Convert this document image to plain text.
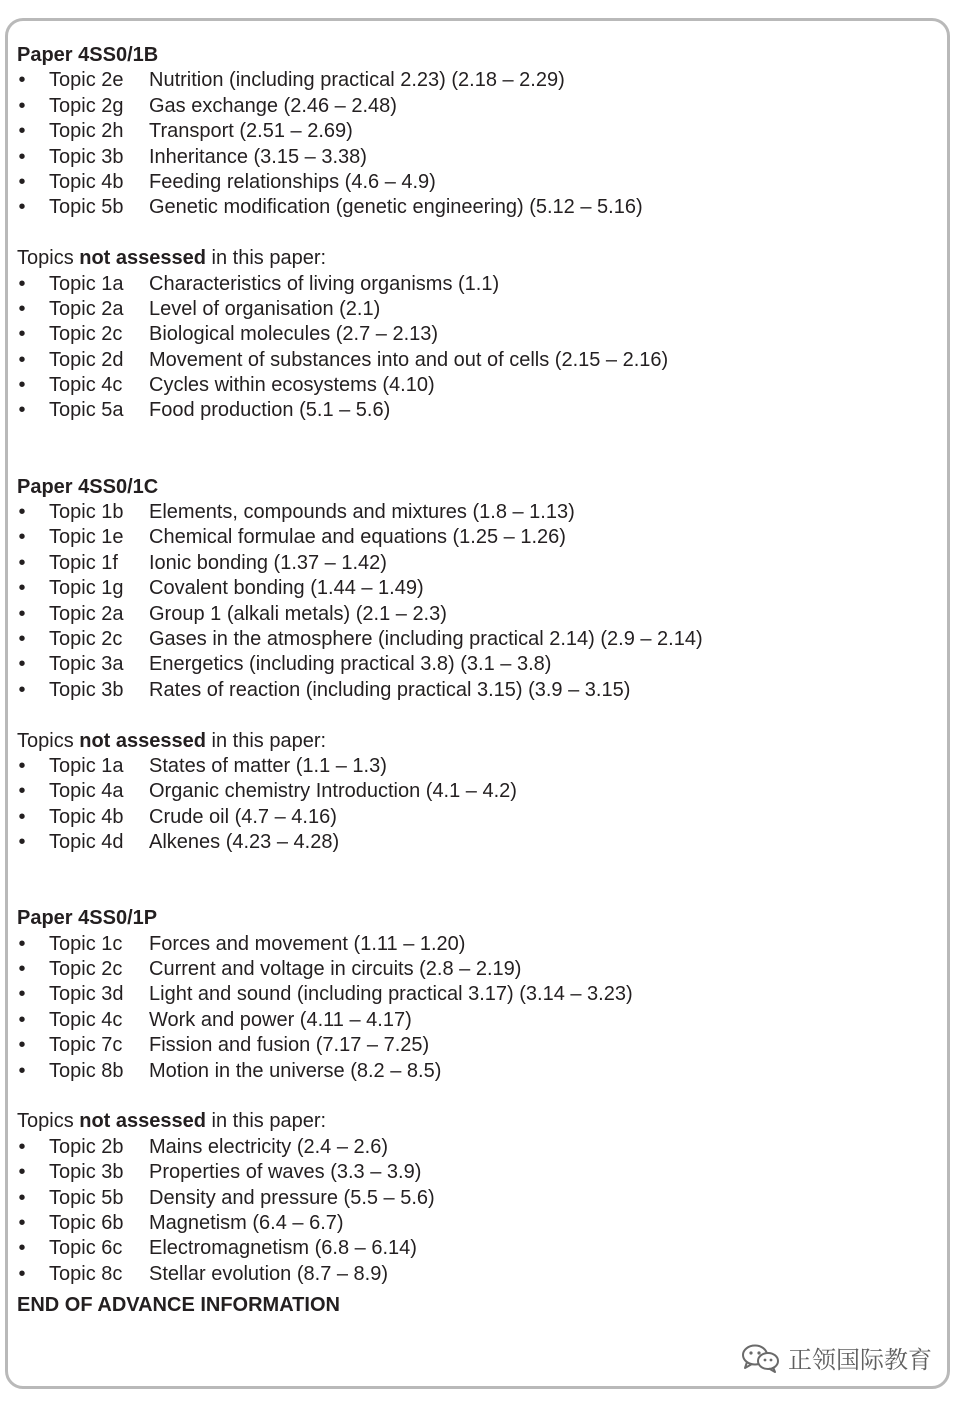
Paper 4SS0/1B
• Topic 2e Nutrition (including practical 2.23) (2.18 – 2.29)
• Topic 2g Gas exchange (2.46 – 2.48)
• Topic 2h Transport (2.51 – 2.69)
• Topic 3b Inheritance (3.15 – 3.38)
• Topic 4b Feeding relationships (4.6 – 4.9)
• Topic 5b Genetic modification (genetic engineering) (5.12 – 5.16)
Topics not assessed in this paper:
• Topic 1a Characteristics of living organisms (1.1)
• Topic 2a Level of organisation (2.1)
• Topic 2c Biological molecules (2.7 – 2.13)
• Topic 2d Movement of substances into and out of cells (2.15 – 2.16)
• Topic 4c Cycles within ecosystems (4.10)
• Topic 5a Food production (5.1 – 5.6)
Paper 4SS0/1C
• Topic 1b Elements, compounds and mixtures (1.8 – 1.13)
• Topic 1e Chemical formulae and equations (1.25 – 1.26)
• Topic 1f Ionic bonding (1.37 – 1.42)
• Topic 1g Covalent bonding (1.44 – 1.49)
• Topic 2a Group 1 (alkali metals) (2.1 – 2.3)
• Topic 2c Gases in the atmosphere (including practical 2.14) (2.9 – 2.14)
• Topic 3a Energetics (including practical 3.8) (3.1 – 3.8)
• Topic 3b Rates of reaction (including practical 3.15) (3.9 – 3.15)
Topics not assessed in this paper:
• Topic 1a States of matter (1.1 – 1.3)
• Topic 4a Organic chemistry Introduction (4.1 – 4.2)
• Topic 4b Crude oil (4.7 – 4.16)
• Topic 4d Alkenes (4.23 – 4.28)
Paper 4SS0/1P
• Topic 1c Forces and movement (1.11 – 1.20)
• Topic 2c Current and voltage in circuits (2.8 – 2.19)
• Topic 3d Light and sound (including practical 3.17) (3.14 – 3.23)
• Topic 4c Work and power (4.11 – 4.17)
• Topic 7c Fission and fusion (7.17 – 7.25)
• Topic 8b Motion in the universe (8.2 – 8.5)
Topics not assessed in this paper:
• Topic 2b Mains electricity (2.4 – 2.6)
• Topic 3b Properties of waves (3.3 – 3.9)
• Topic 5b Density and pressure (5.5 – 5.6)
• Topic 6b Magnetism (6.4 – 6.7)
• Topic 6c Electromagnetism (6.8 – 6.14)
• Topic 8c Stellar evolution (8.7 – 8.9)
END OF ADVANCE INFORMATION
正领国际教育
